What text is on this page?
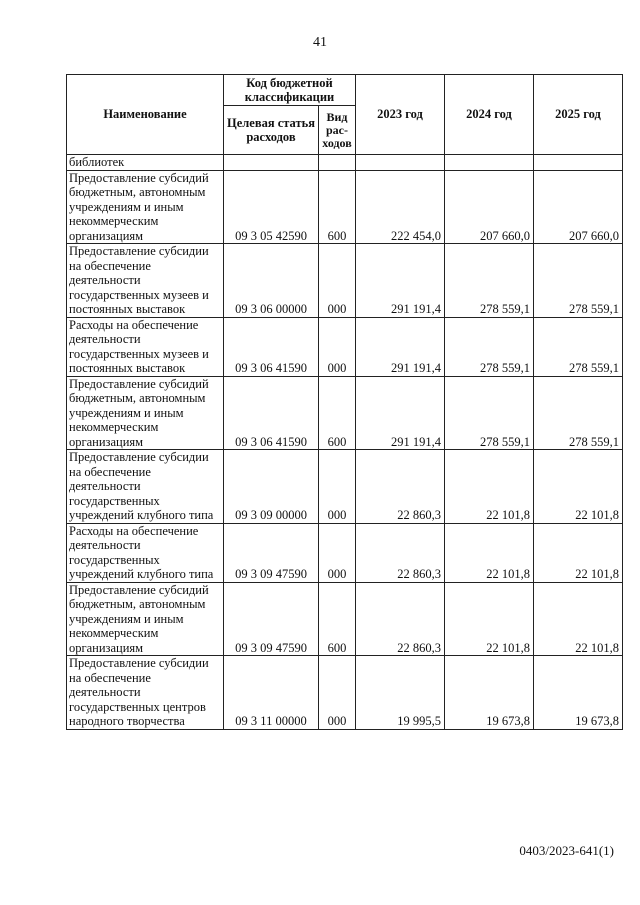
41
Наименование	Код бюджетной классификации		2023 год	2024 год	2025 год
	Целевая статья расходов	Вид рас-ходов			
библиотек					
Предоставление субсидий бюджетным, автономным учреждениям и иным некоммерческим организациям	09 3 05 42590	600	222 454,0	207 660,0	207 660,0
Предоставление субсидии на обеспечение деятельности государственных музеев и постоянных выставок	09 3 06 00000	000	291 191,4	278 559,1	278 559,1
Расходы на обеспечение деятельности государственных музеев и постоянных выставок	09 3 06 41590	000	291 191,4	278 559,1	278 559,1
Предоставление субсидий бюджетным, автономным учреждениям и иным некоммерческим организациям	09 3 06 41590	600	291 191,4	278 559,1	278 559,1
Предоставление субсидии на обеспечение деятельности государственных учреждений клубного типа	09 3 09 00000	000	22 860,3	22 101,8	22 101,8
Расходы на обеспечение деятельности государственных учреждений клубного типа	09 3 09 47590	000	22 860,3	22 101,8	22 101,8
Предоставление субсидий бюджетным, автономным учреждениям и иным некоммерческим организациям	09 3 09 47590	600	22 860,3	22 101,8	22 101,8
Предоставление субсидии на обеспечение деятельности государственных центров народного творчества	09 3 11 00000	000	19 995,5	19 673,8	19 673,8
0403/2023-641(1)
